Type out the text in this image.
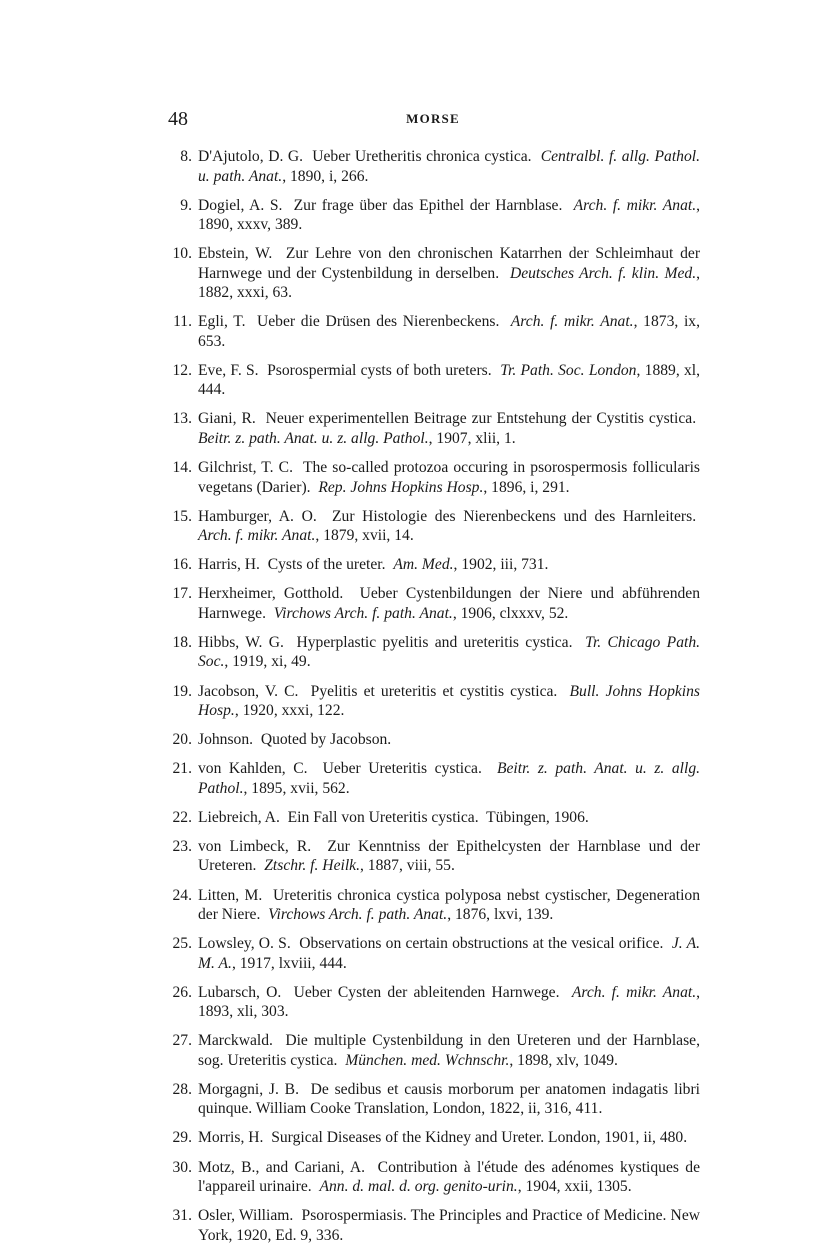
48	MORSE
8. D'Ajutolo, D. G. Ueber Uretheritis chronica cystica. Centralbl. f. allg. Pathol. u. path. Anat., 1890, i, 266.
9. Dogiel, A. S. Zur frage über das Epithel der Harnblase. Arch. f. mikr. Anat., 1890, xxxv, 389.
10. Ebstein, W. Zur Lehre von den chronischen Katarrhen der Schleimhaut der Harnwege und der Cystenbildung in derselben. Deutsches Arch. f. klin. Med., 1882, xxxi, 63.
11. Egli, T. Ueber die Drüsen des Nierenbeckens. Arch. f. mikr. Anat., 1873, ix, 653.
12. Eve, F. S. Psorospermial cysts of both ureters. Tr. Path. Soc. London, 1889, xl, 444.
13. Giani, R. Neuer experimentellen Beitrage zur Entstehung der Cystitis cystica.  Beitr. z. path. Anat. u. z. allg. Pathol., 1907, xlii, 1.
14. Gilchrist, T. C. The so-called protozoa occuring in psorospermosis follicularis vegetans (Darier). Rep. Johns Hopkins Hosp., 1896, i, 291.
15. Hamburger, A. O. Zur Histologie des Nierenbeckens und des Harnleiters.  Arch. f. mikr. Anat., 1879, xvii, 14.
16. Harris, H. Cysts of the ureter. Am. Med., 1902, iii, 731.
17. Herxheimer, Gotthold. Ueber Cystenbildungen der Niere und abführenden Harnwege. Virchows Arch. f. path. Anat., 1906, clxxxv, 52.
18. Hibbs, W. G. Hyperplastic pyelitis and ureteritis cystica. Tr. Chicago Path. Soc., 1919, xi, 49.
19. Jacobson, V. C. Pyelitis et ureteritis et cystitis cystica. Bull. Johns Hopkins Hosp., 1920, xxxi, 122.
20. Johnson. Quoted by Jacobson.
21. von Kahlden, C. Ueber Ureteritis cystica. Beitr. z. path. Anat. u. z. allg. Pathol., 1895, xvii, 562.
22. Liebreich, A. Ein Fall von Ureteritis cystica. Tübingen, 1906.
23. von Limbeck, R. Zur Kenntniss der Epithelcysten der Harnblase und der Ureteren. Ztschr. f. Heilk., 1887, viii, 55.
24. Litten, M. Ureteritis chronica cystica polyposa nebst cystischer, Degeneration der Niere. Virchows Arch. f. path. Anat., 1876, lxvi, 139.
25. Lowsley, O. S. Observations on certain obstructions at the vesical orifice. J. A. M. A., 1917, lxviii, 444.
26. Lubarsch, O. Ueber Cysten der ableitenden Harnwege. Arch. f. mikr. Anat., 1893, xli, 303.
27. Marckwald. Die multiple Cystenbildung in den Ureteren und der Harnblase, sog. Ureteritis cystica. München. med. Wchnschr., 1898, xlv, 1049.
28. Morgagni, J. B. De sedibus et causis morborum per anatomen indagatis libri quinque. William Cooke Translation, London, 1822, ii, 316, 411.
29. Morris, H. Surgical Diseases of the Kidney and Ureter. London, 1901, ii, 480.
30. Motz, B., and Cariani, A. Contribution à l'étude des adénomes kystiques de l'appareil urinaire. Ann. d. mal. d. org. genito-urin., 1904, xxii, 1305.
31. Osler, William. Psorospermiasis. The Principles and Practice of Medicine. New York, 1920, Ed. 9, 336.
